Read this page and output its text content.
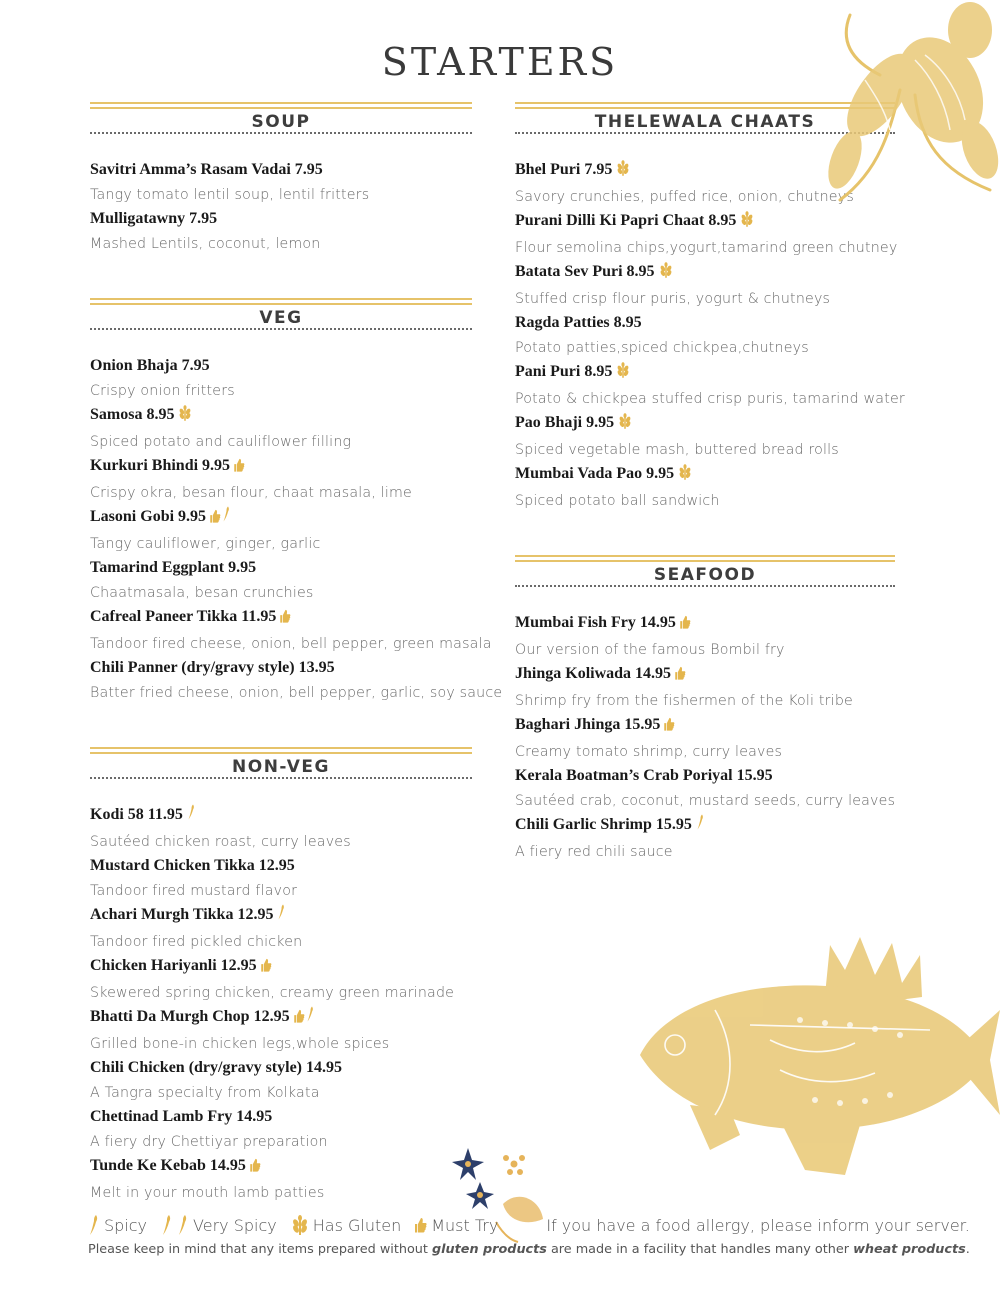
STARTERS
SOUP
Savitri Amma’s Rasam Vadai 7.95
Tangy tomato lentil soup, lentil fritters
Mulligatawny 7.95
Mashed Lentils, coconut, lemon
VEG
Onion Bhaja 7.95
Crispy onion fritters
Samosa 8.95
Spiced potato and cauliflower filling
Kurkuri Bhindi 9.95
Crispy okra, besan flour, chaat masala, lime
Lasoni Gobi 9.95
Tangy cauliflower, ginger, garlic
Tamarind Eggplant 9.95
Chaatmasala, besan crunchies
Cafreal Paneer Tikka 11.95
Tandoor fired cheese, onion, bell pepper, green masala
Chili Panner (dry/gravy style) 13.95
Batter fried cheese, onion, bell pepper, garlic, soy sauce
NON-VEG
Kodi 58 11.95
Sautéed chicken roast, curry leaves
Mustard Chicken Tikka 12.95
Tandoor fired mustard flavor
Achari Murgh Tikka 12.95
Tandoor fired pickled chicken
Chicken Hariyanli 12.95
Skewered spring chicken, creamy green marinade
Bhatti Da Murgh Chop 12.95
Grilled bone-in chicken legs,whole spices
Chili Chicken (dry/gravy style) 14.95
A Tangra specialty from Kolkata
Chettinad Lamb Fry 14.95
A fiery dry Chettiyar preparation
Tunde Ke Kebab 14.95
Melt in your mouth lamb patties
THELEWALA CHAATS
Bhel Puri 7.95
Savory crunchies, puffed rice, onion, chutneys
Purani Dilli Ki Papri Chaat 8.95
Flour semolina chips,yogurt,tamarind green chutney
Batata Sev Puri 8.95
Stuffed crisp flour puris, yogurt & chutneys
Ragda Patties 8.95
Potato patties,spiced chickpea,chutneys
Pani Puri 8.95
Potato & chickpea stuffed crisp puris, tamarind water
Pao Bhaji 9.95
Spiced vegetable mash, buttered bread rolls
Mumbai Vada Pao 9.95
Spiced potato ball sandwich
SEAFOOD
Mumbai Fish Fry 14.95
Our version of the famous Bombil fry
Jhinga Koliwada 14.95
Shrimp fry from the fishermen of the Koli tribe
Baghari Jhinga 15.95
Creamy tomato shrimp, curry leaves
Kerala Boatman’s Crab Poriyal 15.95
Sautéed crab, coconut, mustard seeds, curry leaves
Chili Garlic Shrimp 15.95
A fiery red chili sauce
Spicy	Very Spicy Has Gluten Must Try	If you have a food allergy, please inform your server.
Please keep in mind that any items prepared without gluten products are made in a facility that handles many other wheat products.
